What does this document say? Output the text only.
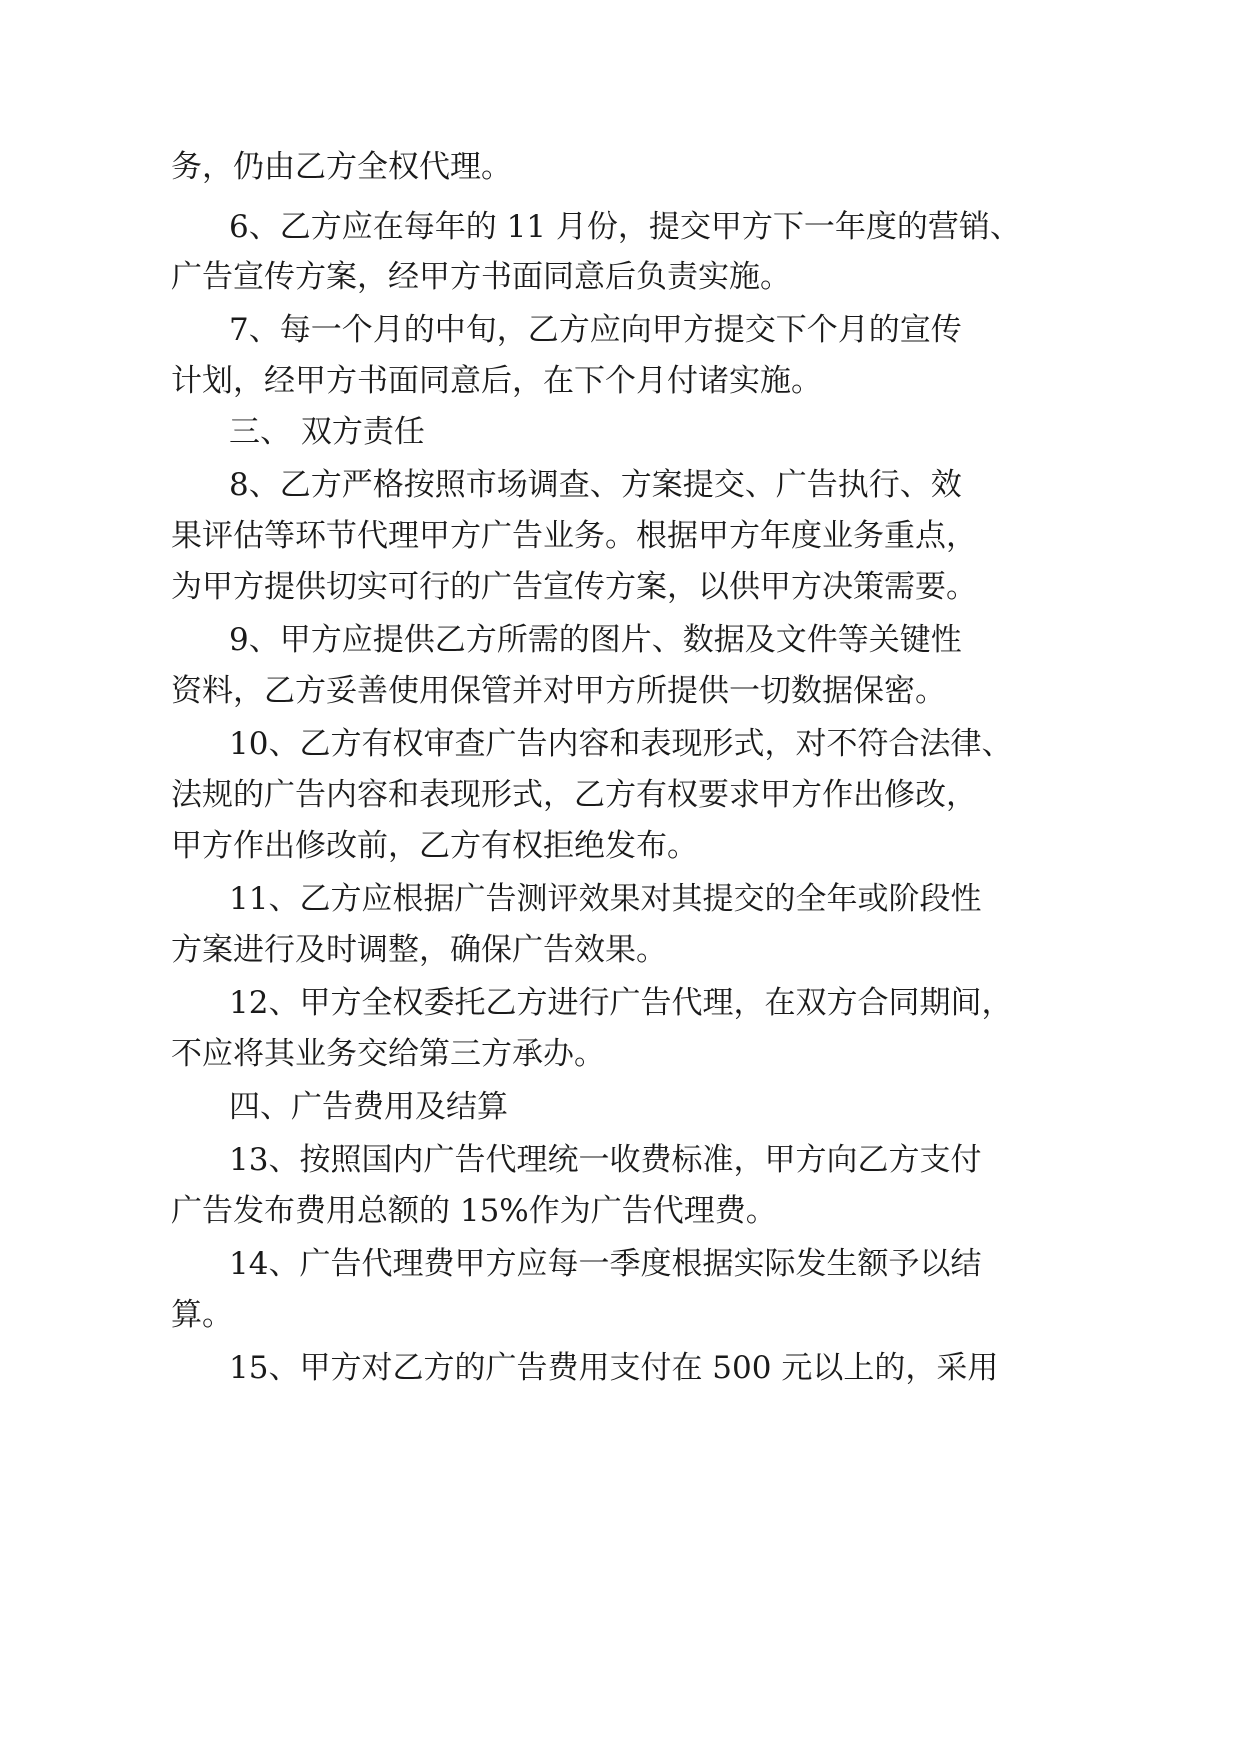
务，仍由乙方全权代理。
6、乙方应在每年的 11 月份，提交甲方下一年度的营销、
广告宣传方案，经甲方书面同意后负责实施。
7、每一个月的中旬，乙方应向甲方提交下个月的宣传
计划，经甲方书面同意后，在下个月付诸实施。
三、 双方责任
8、乙方严格按照市场调查、方案提交、广告执行、效
果评估等环节代理甲方广告业务。根据甲方年度业务重点，
为甲方提供切实可行的广告宣传方案，以供甲方决策需要。
9、甲方应提供乙方所需的图片、数据及文件等关键性
资料，乙方妥善使用保管并对甲方所提供一切数据保密。
10、乙方有权审查广告内容和表现形式，对不符合法律、
法规的广告内容和表现形式，乙方有权要求甲方作出修改，
甲方作出修改前，乙方有权拒绝发布。
11、乙方应根据广告测评效果对其提交的全年或阶段性
方案进行及时调整，确保广告效果。
12、甲方全权委托乙方进行广告代理，在双方合同期间，
不应将其业务交给第三方承办。
四、广告费用及结算
13、按照国内广告代理统一收费标准，甲方向乙方支付
广告发布费用总额的 15%作为广告代理费。
14、广告代理费甲方应每一季度根据实际发生额予以结
算。
15、甲方对乙方的广告费用支付在 500 元以上的，采用
